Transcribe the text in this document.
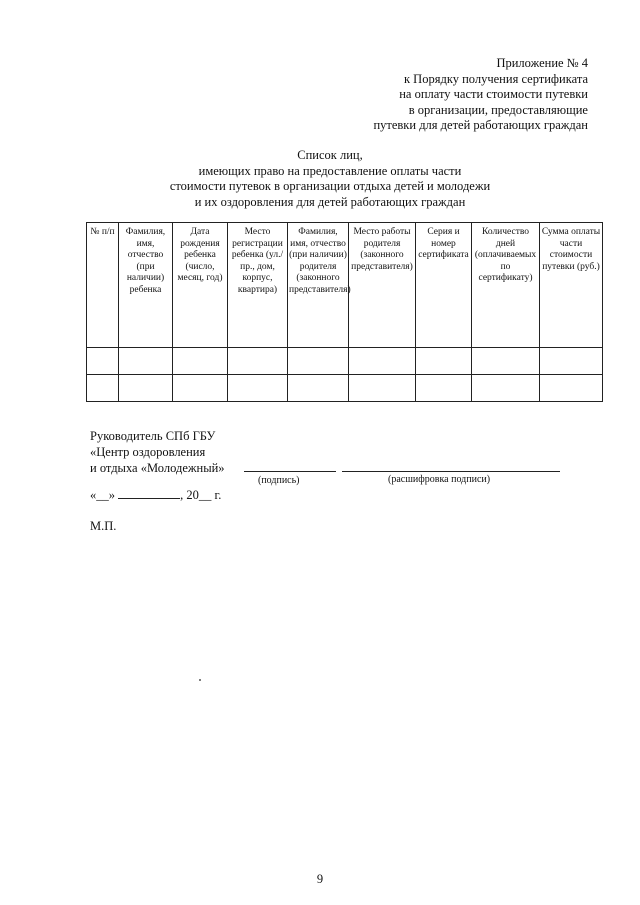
Приложение № 4
к Порядку получения сертификата
на оплату части стоимости путевки
в организации, предоставляющие
путевки для детей работающих граждан
Список лиц,
имеющих право на предоставление оплаты части
стоимости путевок в организации отдыха детей и молодежи
и их оздоровления для детей работающих граждан
№ п/п	Фамилия, имя, отчество (при наличии) ребенка	Дата рождения ребенка (число, месяц, год)	Место регистрации ребенка (ул./пр., дом, корпус, квартира)	Фамилия, имя, отчество (при наличии) родителя (законного представителя)	Место работы родителя (законного представителя)	Серия и номер сертификата	Количество дней (оплачиваемых по сертификату)	Сумма оплаты части стоимости путевки (руб.)

Руководитель СПб ГБУ
«Центр оздоровления
и отдыха «Молодежный»
(подпись)	(расшифровка подписи)
«__»	, 20__ г.
М.П.
9
